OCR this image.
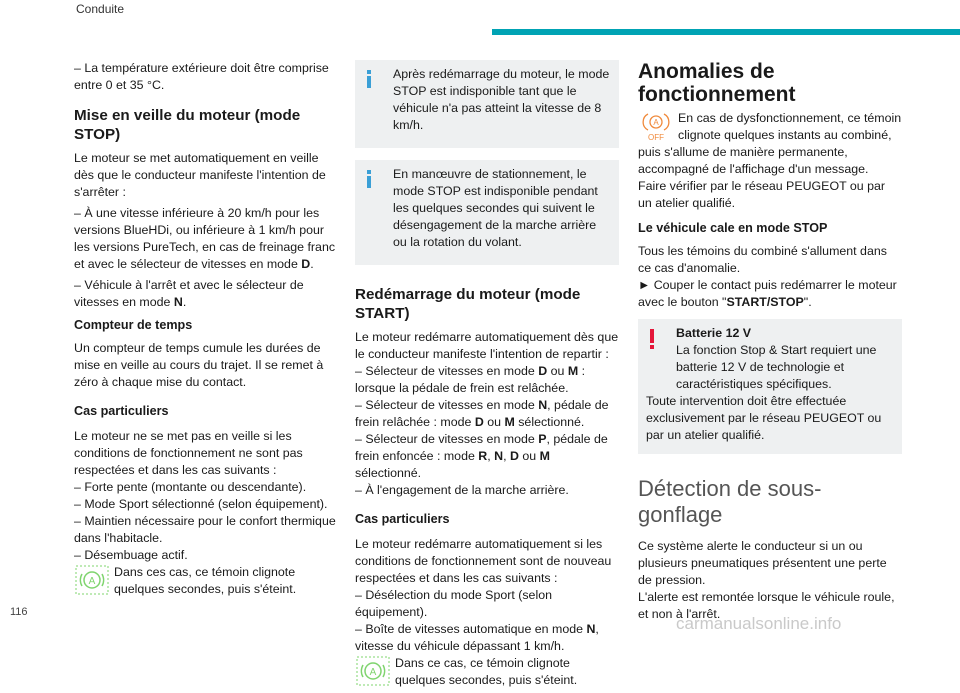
Conduite

– La température extérieure doit être comprise entre 0 et 35 °C.

Mise en veille du moteur (mode STOP)

Le moteur se met automatiquement en veille dès que le conducteur manifeste l'intention de s'arrêter :

– À une vitesse inférieure à 20 km/h pour les versions BlueHDi, ou inférieure à 1 km/h pour les versions PureTech, en cas de freinage franc et avec le sélecteur de vitesses en mode D.

– Véhicule à l'arrêt et avec le sélecteur de vitesses en mode N.

Compteur de temps

Un compteur de temps cumule les durées de mise en veille au cours du trajet. Il se remet à zéro à chaque mise du contact.

Cas particuliers

Le moteur ne se met pas en veille si les conditions de fonctionnement ne sont pas respectées et dans les cas suivants :

– Forte pente (montante ou descendante).
– Mode Sport sélectionné (selon équipement).
– Maintien nécessaire pour le confort thermique dans l'habitacle.
– Désembuage actif.

A

Dans ces cas, ce témoin clignote quelques secondes, puis s'éteint.

Après redémarrage du moteur, le mode STOP est indisponible tant que le véhicule n'a pas atteint la vitesse de 8 km/h.

En manœuvre de stationnement, le mode STOP est indisponible pendant les quelques secondes qui suivent le désengagement de la marche arrière ou la rotation du volant.

Redémarrage du moteur (mode START)

Le moteur redémarre automatiquement dès que le conducteur manifeste l'intention de repartir :

– Sélecteur de vitesses en mode D ou M : lorsque la pédale de frein est relâchée.

– Sélecteur de vitesses en mode N, pédale de frein relâchée : mode D ou M sélectionné.

– Sélecteur de vitesses en mode P, pédale de frein enfoncée : mode R, N, D ou M sélectionné.

– À l'engagement de la marche arrière.

Cas particuliers

Le moteur redémarre automatiquement si les conditions de fonctionnement sont de nouveau respectées et dans les cas suivants :

– Désélection du mode Sport (selon équipement).

– Boîte de vitesses automatique en mode N, vitesse du véhicule dépassant 1 km/h.

A

Dans ce cas, ce témoin clignote quelques secondes, puis s'éteint.

Anomalies de fonctionnement
A
OFF

En cas de dysfonctionnement, ce témoin clignote quelques instants au combiné, puis s'allume de manière permanente, accompagné de l'affichage d'un message.

Faire vérifier par le réseau PEUGEOT ou par un atelier qualifié.

Le véhicule cale en mode STOP

Tous les témoins du combiné s'allument dans ce cas d'anomalie.

► Couper le contact puis redémarrer le moteur avec le bouton "START/STOP".

Batterie 12 V

La fonction Stop & Start requiert une batterie 12 V de technologie et caractéristiques spécifiques.

Toute intervention doit être effectuée exclusivement par le réseau PEUGEOT ou par un atelier qualifié.

Détection de sous-gonflage

Ce système alerte le conducteur si un ou plusieurs pneumatiques présentent une perte de pression.

L'alerte est remontée lorsque le véhicule roule, et non à l'arrêt.

116
carmanualsonline.info
